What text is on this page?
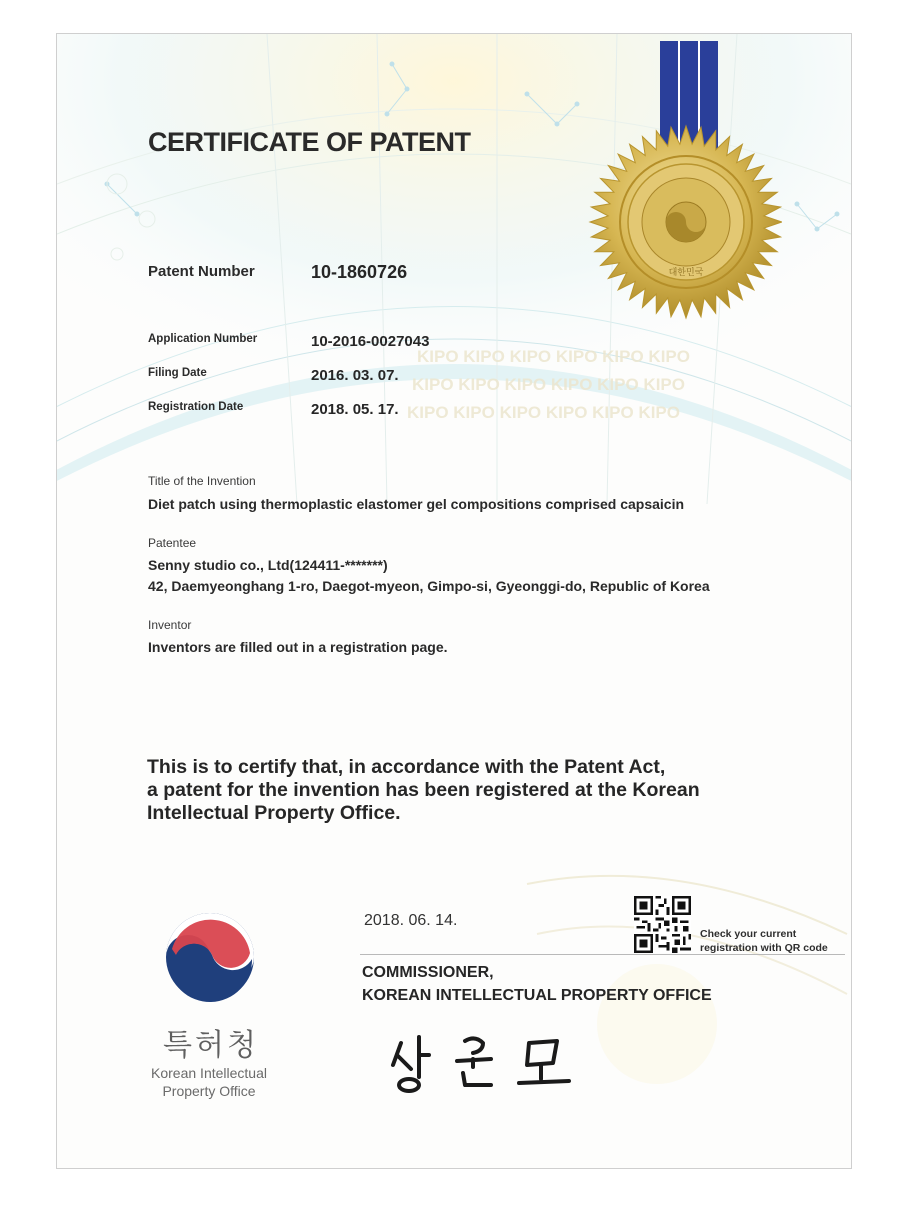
KIPO KIPO KIPO KIPO KIPO KIPO
KIPO KIPO KIPO KIPO KIPO KIPO
KIPO KIPO KIPO KIPO KIPO KIPO
대한민국
CERTIFICATE OF PATENT
Patent Number	10-1860726
Application Number	10-2016-0027043
Filing Date	2016. 03. 07.
Registration Date	2018. 05. 17.
Title of the Invention
Diet patch using thermoplastic elastomer gel compositions comprised capsaicin
Patentee
Senny studio co., Ltd(124411-*******)
42, Daemyeonghang 1-ro, Daegot-myeon, Gimpo-si, Gyeonggi-do, Republic of Korea
Inventor
Inventors are filled out in a registration page.
This is to certify that, in accordance with the Patent Act,
a patent for the invention has been registered at the Korean
Intellectual Property Office.
특허청
Korean Intellectual
Property Office
2018. 06. 14.
Check your current
registration with QR code
COMMISSIONER,
KOREAN INTELLECTUAL PROPERTY OFFICE
